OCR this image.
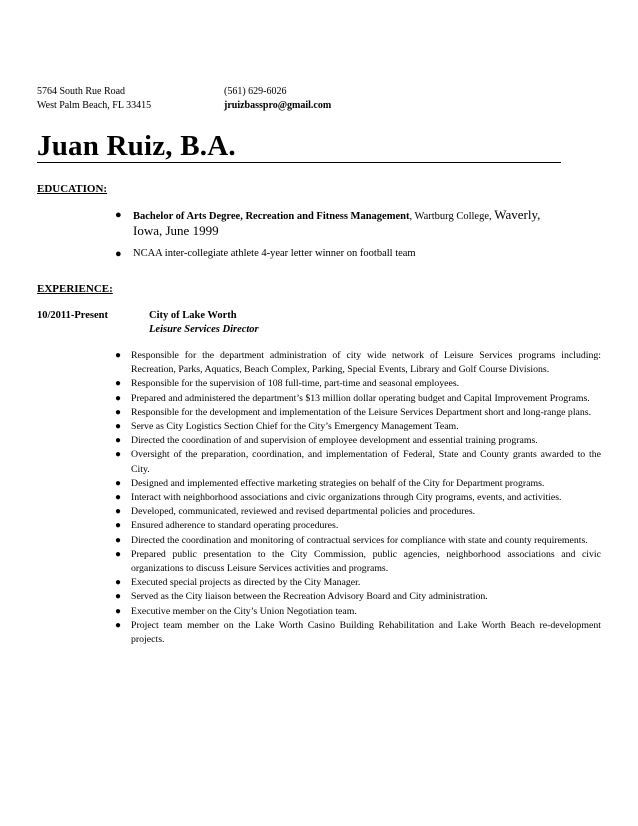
5764 South Rue Road
West Palm Beach, FL 33415
(561) 629-6026
jruizbasspro@gmail.com
Juan Ruiz, B.A.
EDUCATION:
● Bachelor of Arts Degree, Recreation and Fitness Management, Wartburg College, Waverly,
Iowa, June 1999
● NCAA inter-collegiate athlete 4-year letter winner on football team
EXPERIENCE:
10/2011-Present	City of Lake Worth
Leisure Services Director
● Responsible for the department administration of city wide network of Leisure Services programs including: Recreation, Parks, Aquatics, Beach Complex, Parking, Special Events, Library and Golf Course Divisions.
● Responsible for the supervision of 108 full-time, part-time and seasonal employees.
● Prepared and administered the department’s $13 million dollar operating budget and Capital Improvement Programs.
● Responsible for the development and implementation of the Leisure Services Department short and long-range plans.
● Serve as City Logistics Section Chief for the City’s Emergency Management Team.
● Directed the coordination of and supervision of employee development and essential training programs.
● Oversight of the preparation, coordination, and implementation of Federal, State and County grants awarded to the City.
● Designed and implemented effective marketing strategies on behalf of the City for Department programs.
● Interact with neighborhood associations and civic organizations through City programs, events, and activities.
● Developed, communicated, reviewed and revised departmental policies and procedures.
● Ensured adherence to standard operating procedures.
● Directed the coordination and monitoring of contractual services for compliance with state and county requirements.
● Prepared public presentation to the City Commission, public agencies, neighborhood associations and civic organizations to discuss Leisure Services activities and programs.
● Executed special projects as directed by the City Manager.
● Served as the City liaison between the Recreation Advisory Board and City administration.
● Executive member on the City’s Union Negotiation team.
● Project team member on the Lake Worth Casino Building Rehabilitation and Lake Worth Beach re-development projects.
